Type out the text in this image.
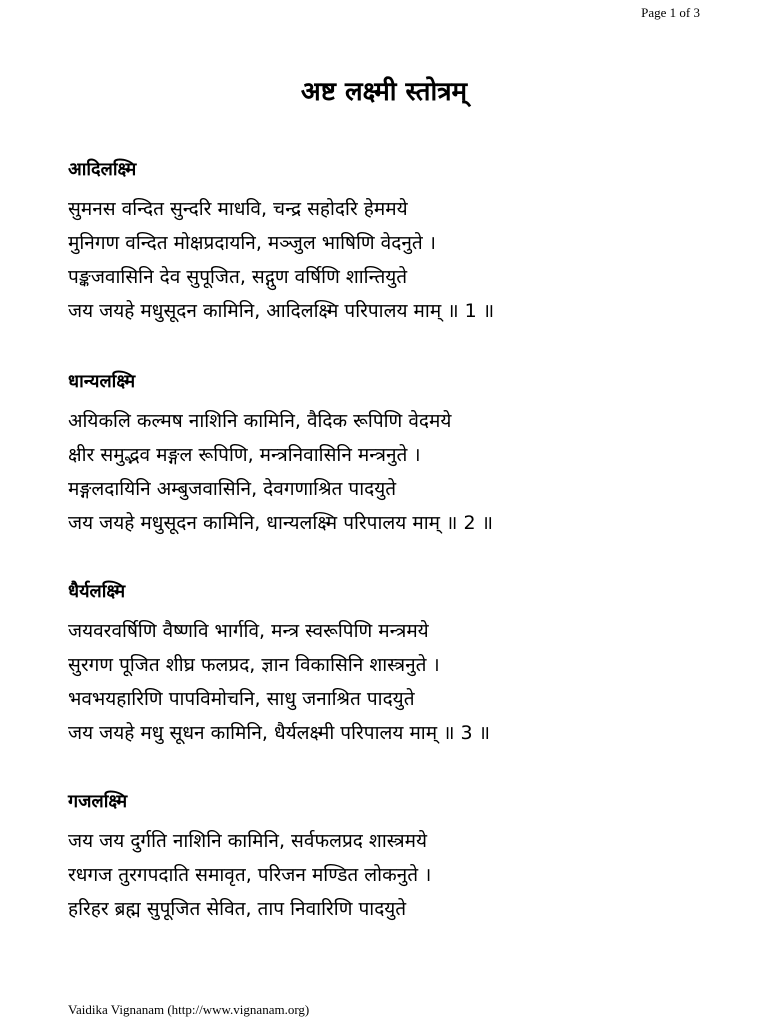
Page 1 of 3
अष्ट लक्ष्मी स्तोत्रम्
आदिलक्ष्मि
सुमनस वन्दित सुन्दरि माधवि, चन्द्र सहोदरि हेममये
मुनिगण वन्दित मोक्षप्रदायनि, मञ्जुल भाषिणि वेदनुते ।
पङ्कजवासिनि देव सुपूजित, सद्गुण वर्षिणि शान्तियुते
जय जयहे मधुसूदन कामिनि, आदिलक्ष्मि परिपालय माम् ॥ 1 ॥
धान्यलक्ष्मि
अयिकलि कल्मष नाशिनि कामिनि, वैदिक रूपिणि वेदमये
क्षीर समुद्भव मङ्गल रूपिणि, मन्त्रनिवासिनि मन्त्रनुते ।
मङ्गलदायिनि अम्बुजवासिनि, देवगणाश्रित पादयुते
जय जयहे मधुसूदन कामिनि, धान्यलक्ष्मि परिपालय माम् ॥ 2 ॥
धैर्यलक्ष्मि
जयवरवर्षिणि वैष्णवि भार्गवि, मन्त्र स्वरूपिणि मन्त्रमये
सुरगण पूजित शीघ्र फलप्रद, ज्ञान विकासिनि शास्त्रनुते ।
भवभयहारिणि पापविमोचनि, साधु जनाश्रित पादयुते
जय जयहे मधु सूधन कामिनि, धैर्यलक्ष्मी परिपालय माम् ॥ 3 ॥
गजलक्ष्मि
जय जय दुर्गति नाशिनि कामिनि, सर्वफलप्रद शास्त्रमये
रधगज तुरगपदाति समावृत, परिजन मण्डित लोकनुते ।
हरिहर ब्रह्म सुपूजित सेवित, ताप निवारिणि पादयुते
Vaidika Vignanam (http://www.vignanam.org)
